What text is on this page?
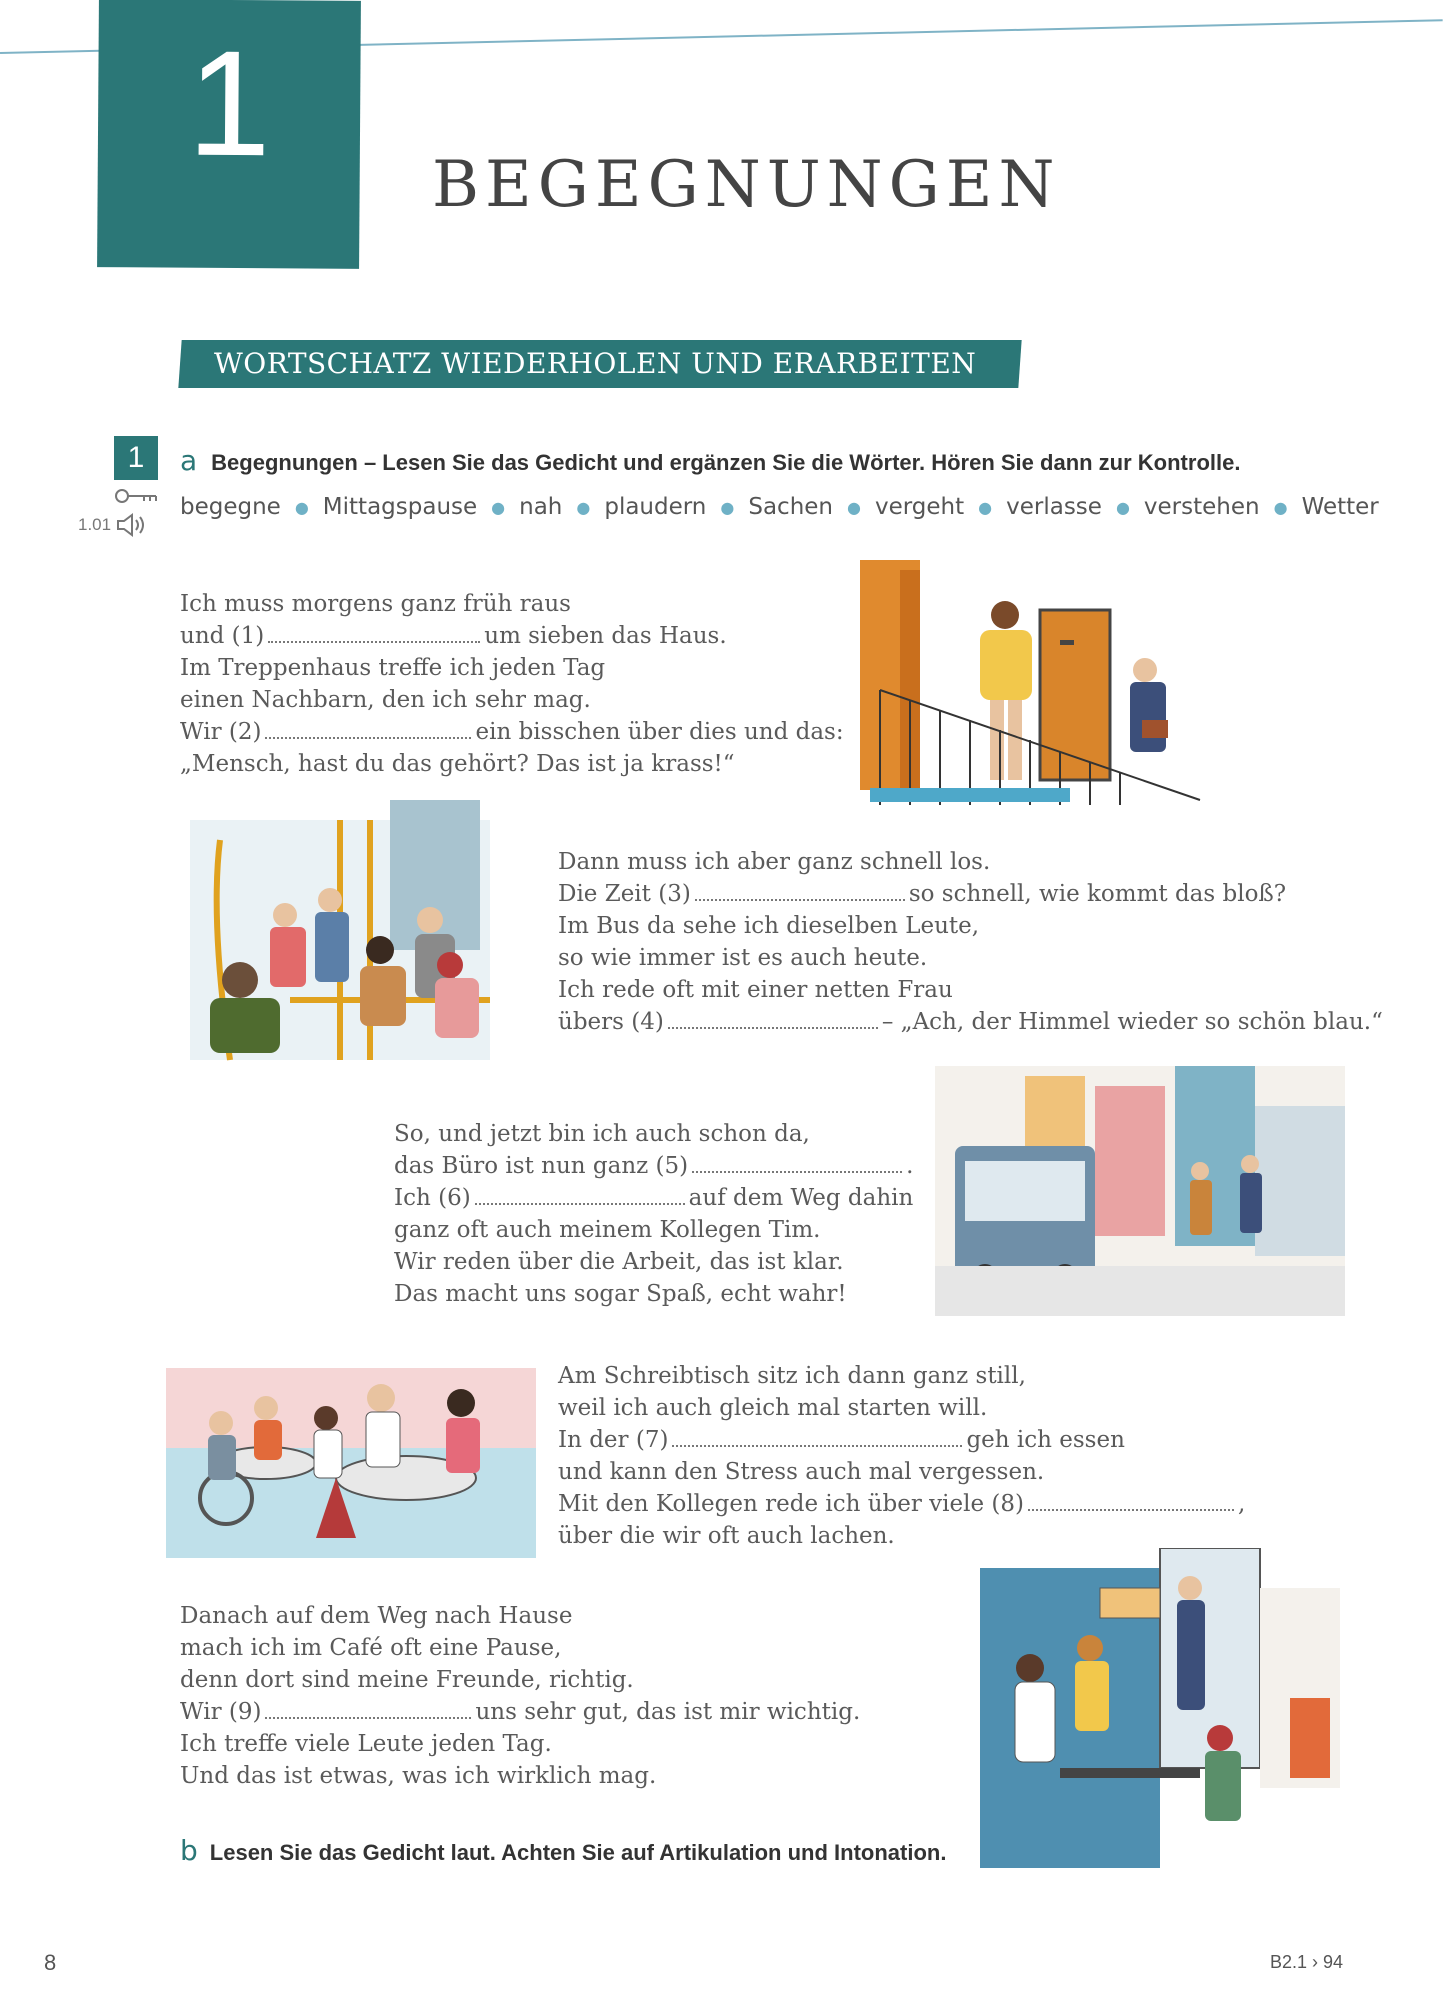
1	BEGEGNUNGEN
WORTSCHATZ WIEDERHOLEN UND ERARBEITEN
1
1.01
a Begegnungen – Lesen Sie das Gedicht und ergänzen Sie die Wörter. Hören Sie dann zur Kontrolle.
begegne ● Mittagspause ● nah ● plaudern ● Sachen ● vergeht ● verlasse ● verstehen ● Wetter
Ich muss morgens ganz früh raus
und (1)	um sieben das Haus.
Im Treppenhaus treffe ich jeden Tag
einen Nachbarn, den ich sehr mag.
Wir (2)	ein bisschen über dies und das:
„Mensch, hast du das gehört? Das ist ja krass!“
Dann muss ich aber ganz schnell los.
Die Zeit (3)	so schnell, wie kommt das bloß?
Im Bus da sehe ich dieselben Leute,
so wie immer ist es auch heute.
Ich rede oft mit einer netten Frau
übers (4)	– „Ach, der Himmel wieder so schön blau.“
So, und jetzt bin ich auch schon da,
das Büro ist nun ganz (5)	.
Ich (6)	auf dem Weg dahin
ganz oft auch meinem Kollegen Tim.
Wir reden über die Arbeit, das ist klar.
Das macht uns sogar Spaß, echt wahr!
Am Schreibtisch sitz ich dann ganz still,
weil ich auch gleich mal starten will.
In der (7)	geh ich essen
und kann den Stress auch mal vergessen.
Mit den Kollegen rede ich über viele (8)	,
über die wir oft auch lachen.
Danach auf dem Weg nach Hause
mach ich im Café oft eine Pause,
denn dort sind meine Freunde, richtig.
Wir (9)	uns sehr gut, das ist mir wichtig.
Ich treffe viele Leute jeden Tag.
Und das ist etwas, was ich wirklich mag.
b Lesen Sie das Gedicht laut. Achten Sie auf Artikulation und Intonation.
8	B2.1 › 94
